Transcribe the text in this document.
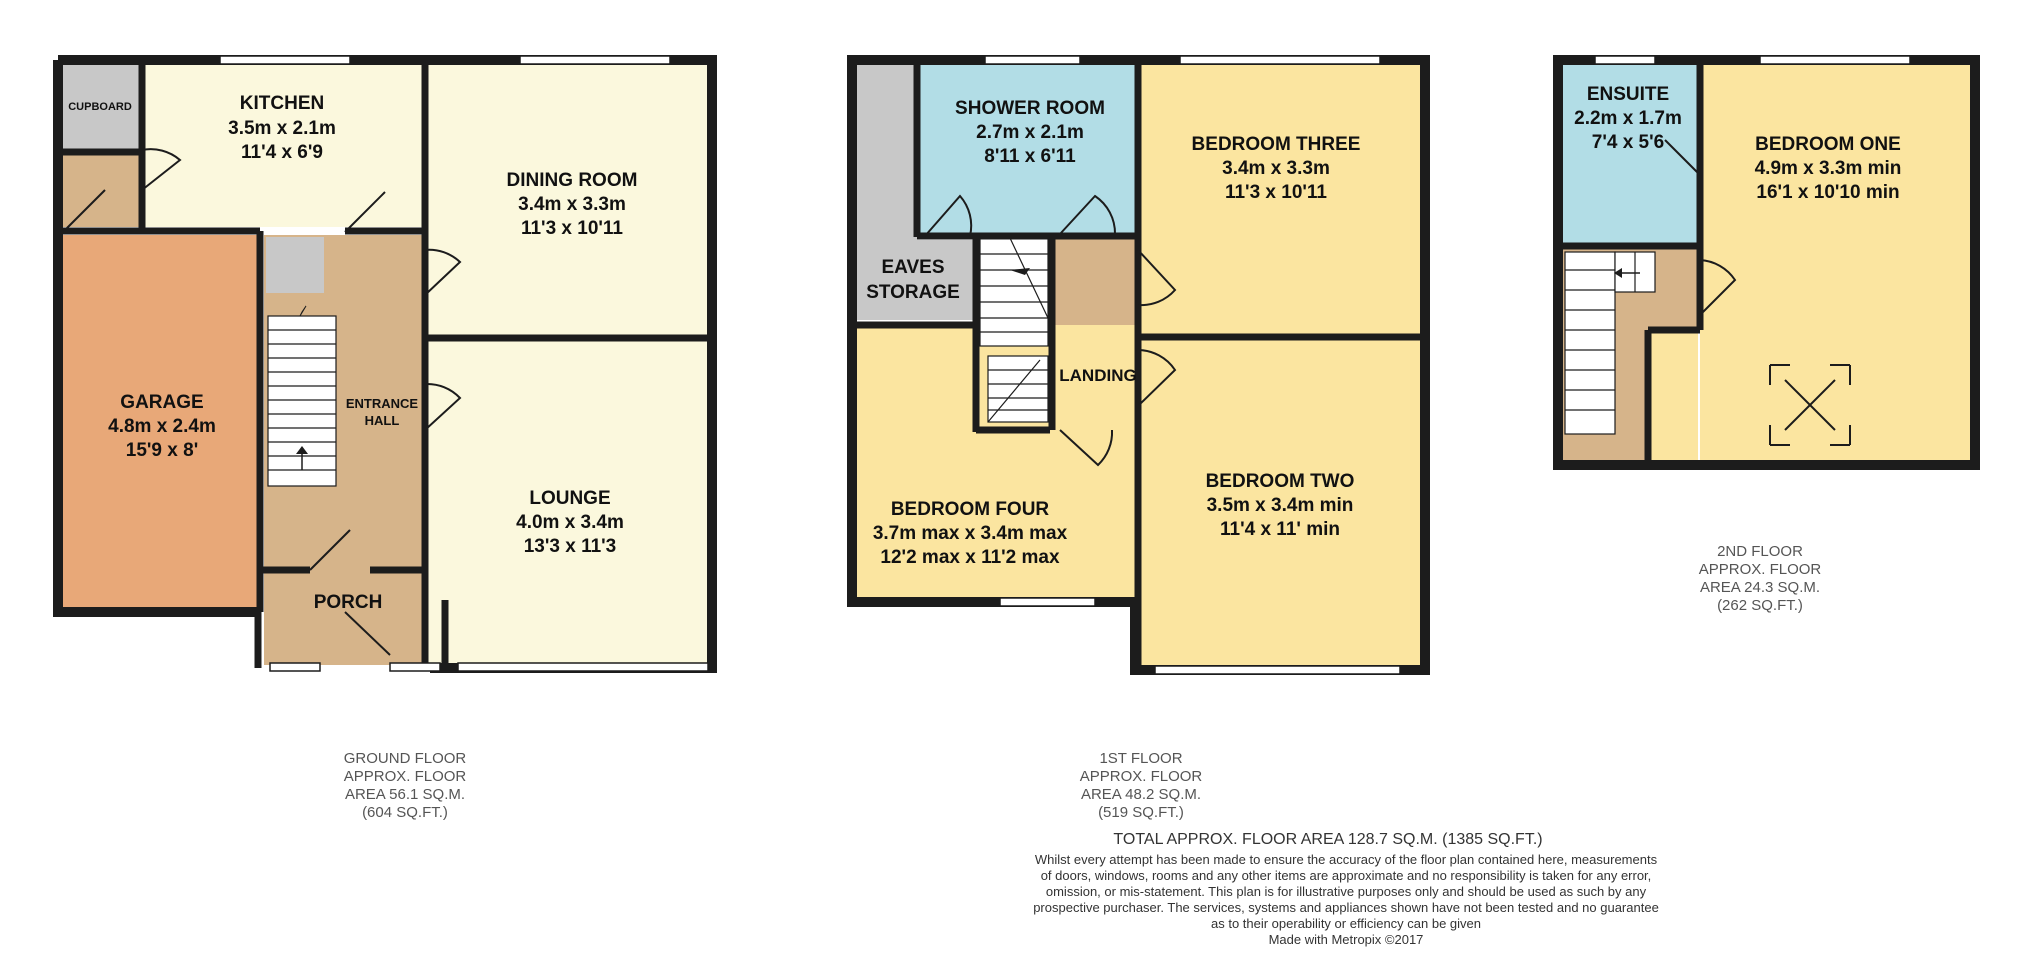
CUPBOARD	KITCHEN
3.5m x 2.1m
11'4 x 6'9
DINING ROOM
3.4m x 3.3m
11'3 x 10'11
GARAGE
4.8m x 2.4m
15'9 x 8'
ENTRANCE
HALL
LOUNGE
4.0m x 3.4m
13'3 x 11'3
PORCH
GROUND FLOOR
APPROX. FLOOR
AREA 56.1 SQ.M.
(604 SQ.FT.)
SHOWER ROOM
2.7m x 2.1m
8'11 x 6'11
BEDROOM THREE
3.4m x 3.3m
11'3 x 10'11
EAVES
STORAGE
LANDING
BEDROOM FOUR
3.7m max x 3.4m max
12'2 max x 11'2 max
BEDROOM TWO
3.5m x 3.4m min
11'4 x 11' min
1ST FLOOR
APPROX. FLOOR
AREA 48.2 SQ.M.
(519 SQ.FT.)
ENSUITE
2.2m x 1.7m
7'4 x 5'6	BEDROOM ONE
4.9m x 3.3m min
16'1 x 10'10 min
2ND FLOOR
APPROX. FLOOR
AREA 24.3 SQ.M.
(262 SQ.FT.)
TOTAL APPROX. FLOOR AREA 128.7 SQ.M. (1385 SQ.FT.)
Whilst every attempt has been made to ensure the accuracy of the floor plan contained here, measurements
of doors, windows, rooms and any other items are approximate and no responsibility is taken for any error,
omission, or mis-statement. This plan is for illustrative purposes only and should be used as such by any
prospective purchaser. The services, systems and appliances shown have not been tested and no guarantee
as to their operability or efficiency can be given
Made with Metropix ©2017
